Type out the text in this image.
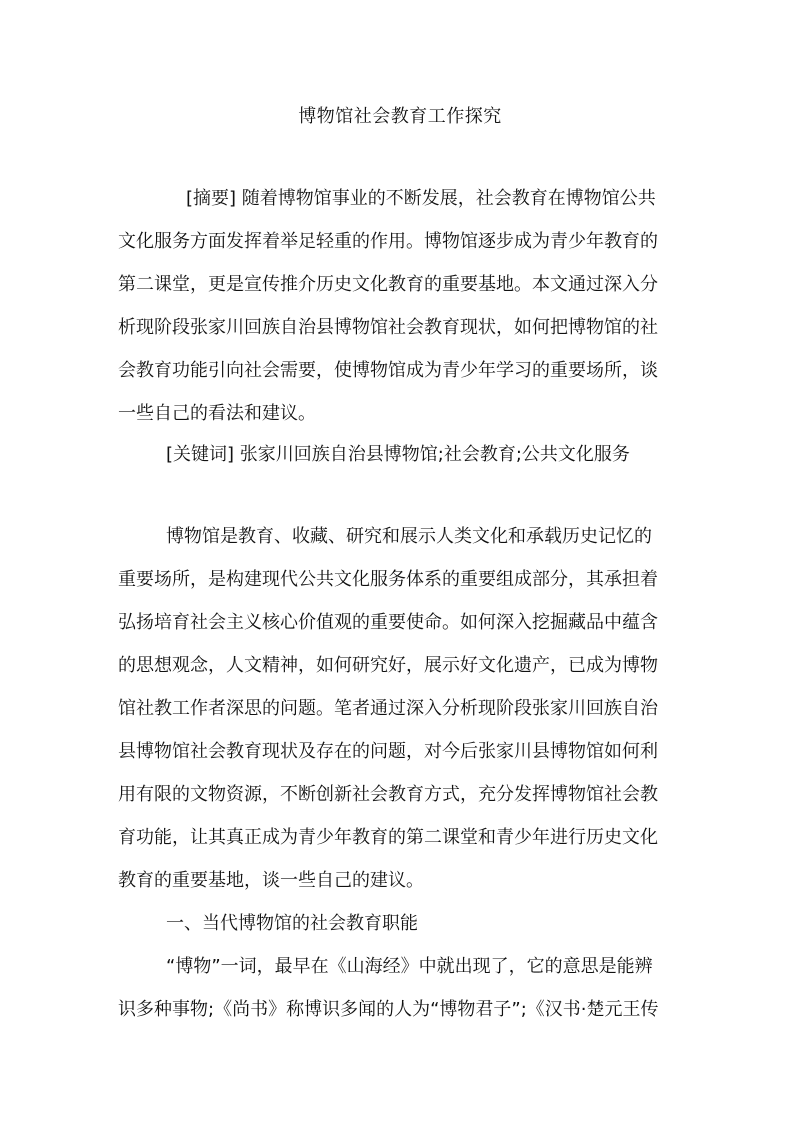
博物馆社会教育工作探究
[摘要] 随着博物馆事业的不断发展，社会教育在博物馆公共
文化服务方面发挥着举足轻重的作用。博物馆逐步成为青少年教育的
第二课堂，更是宣传推介历史文化教育的重要基地。本文通过深入分
析现阶段张家川回族自治县博物馆社会教育现状，如何把博物馆的社
会教育功能引向社会需要，使博物馆成为青少年学习的重要场所，谈
一些自己的看法和建议。
[关键词] 张家川回族自治县博物馆;社会教育;公共文化服务
博物馆是教育、收藏、研究和展示人类文化和承载历史记忆的
重要场所，是构建现代公共文化服务体系的重要组成部分，其承担着
弘扬培育社会主义核心价值观的重要使命。如何深入挖掘藏品中蕴含
的思想观念，人文精神，如何研究好，展示好文化遗产，已成为博物
馆社教工作者深思的问题。笔者通过深入分析现阶段张家川回族自治
县博物馆社会教育现状及存在的问题，对今后张家川县博物馆如何利
用有限的文物资源，不断创新社会教育方式，充分发挥博物馆社会教
育功能，让其真正成为青少年教育的第二课堂和青少年进行历史文化
教育的重要基地，谈一些自己的建议。
一、当代博物馆的社会教育职能
“博物”一词，最早在《山海经》中就出现了，它的意思是能辨
识多种事物;《尚书》称博识多闻的人为“博物君子”;《汉书·楚元王传
